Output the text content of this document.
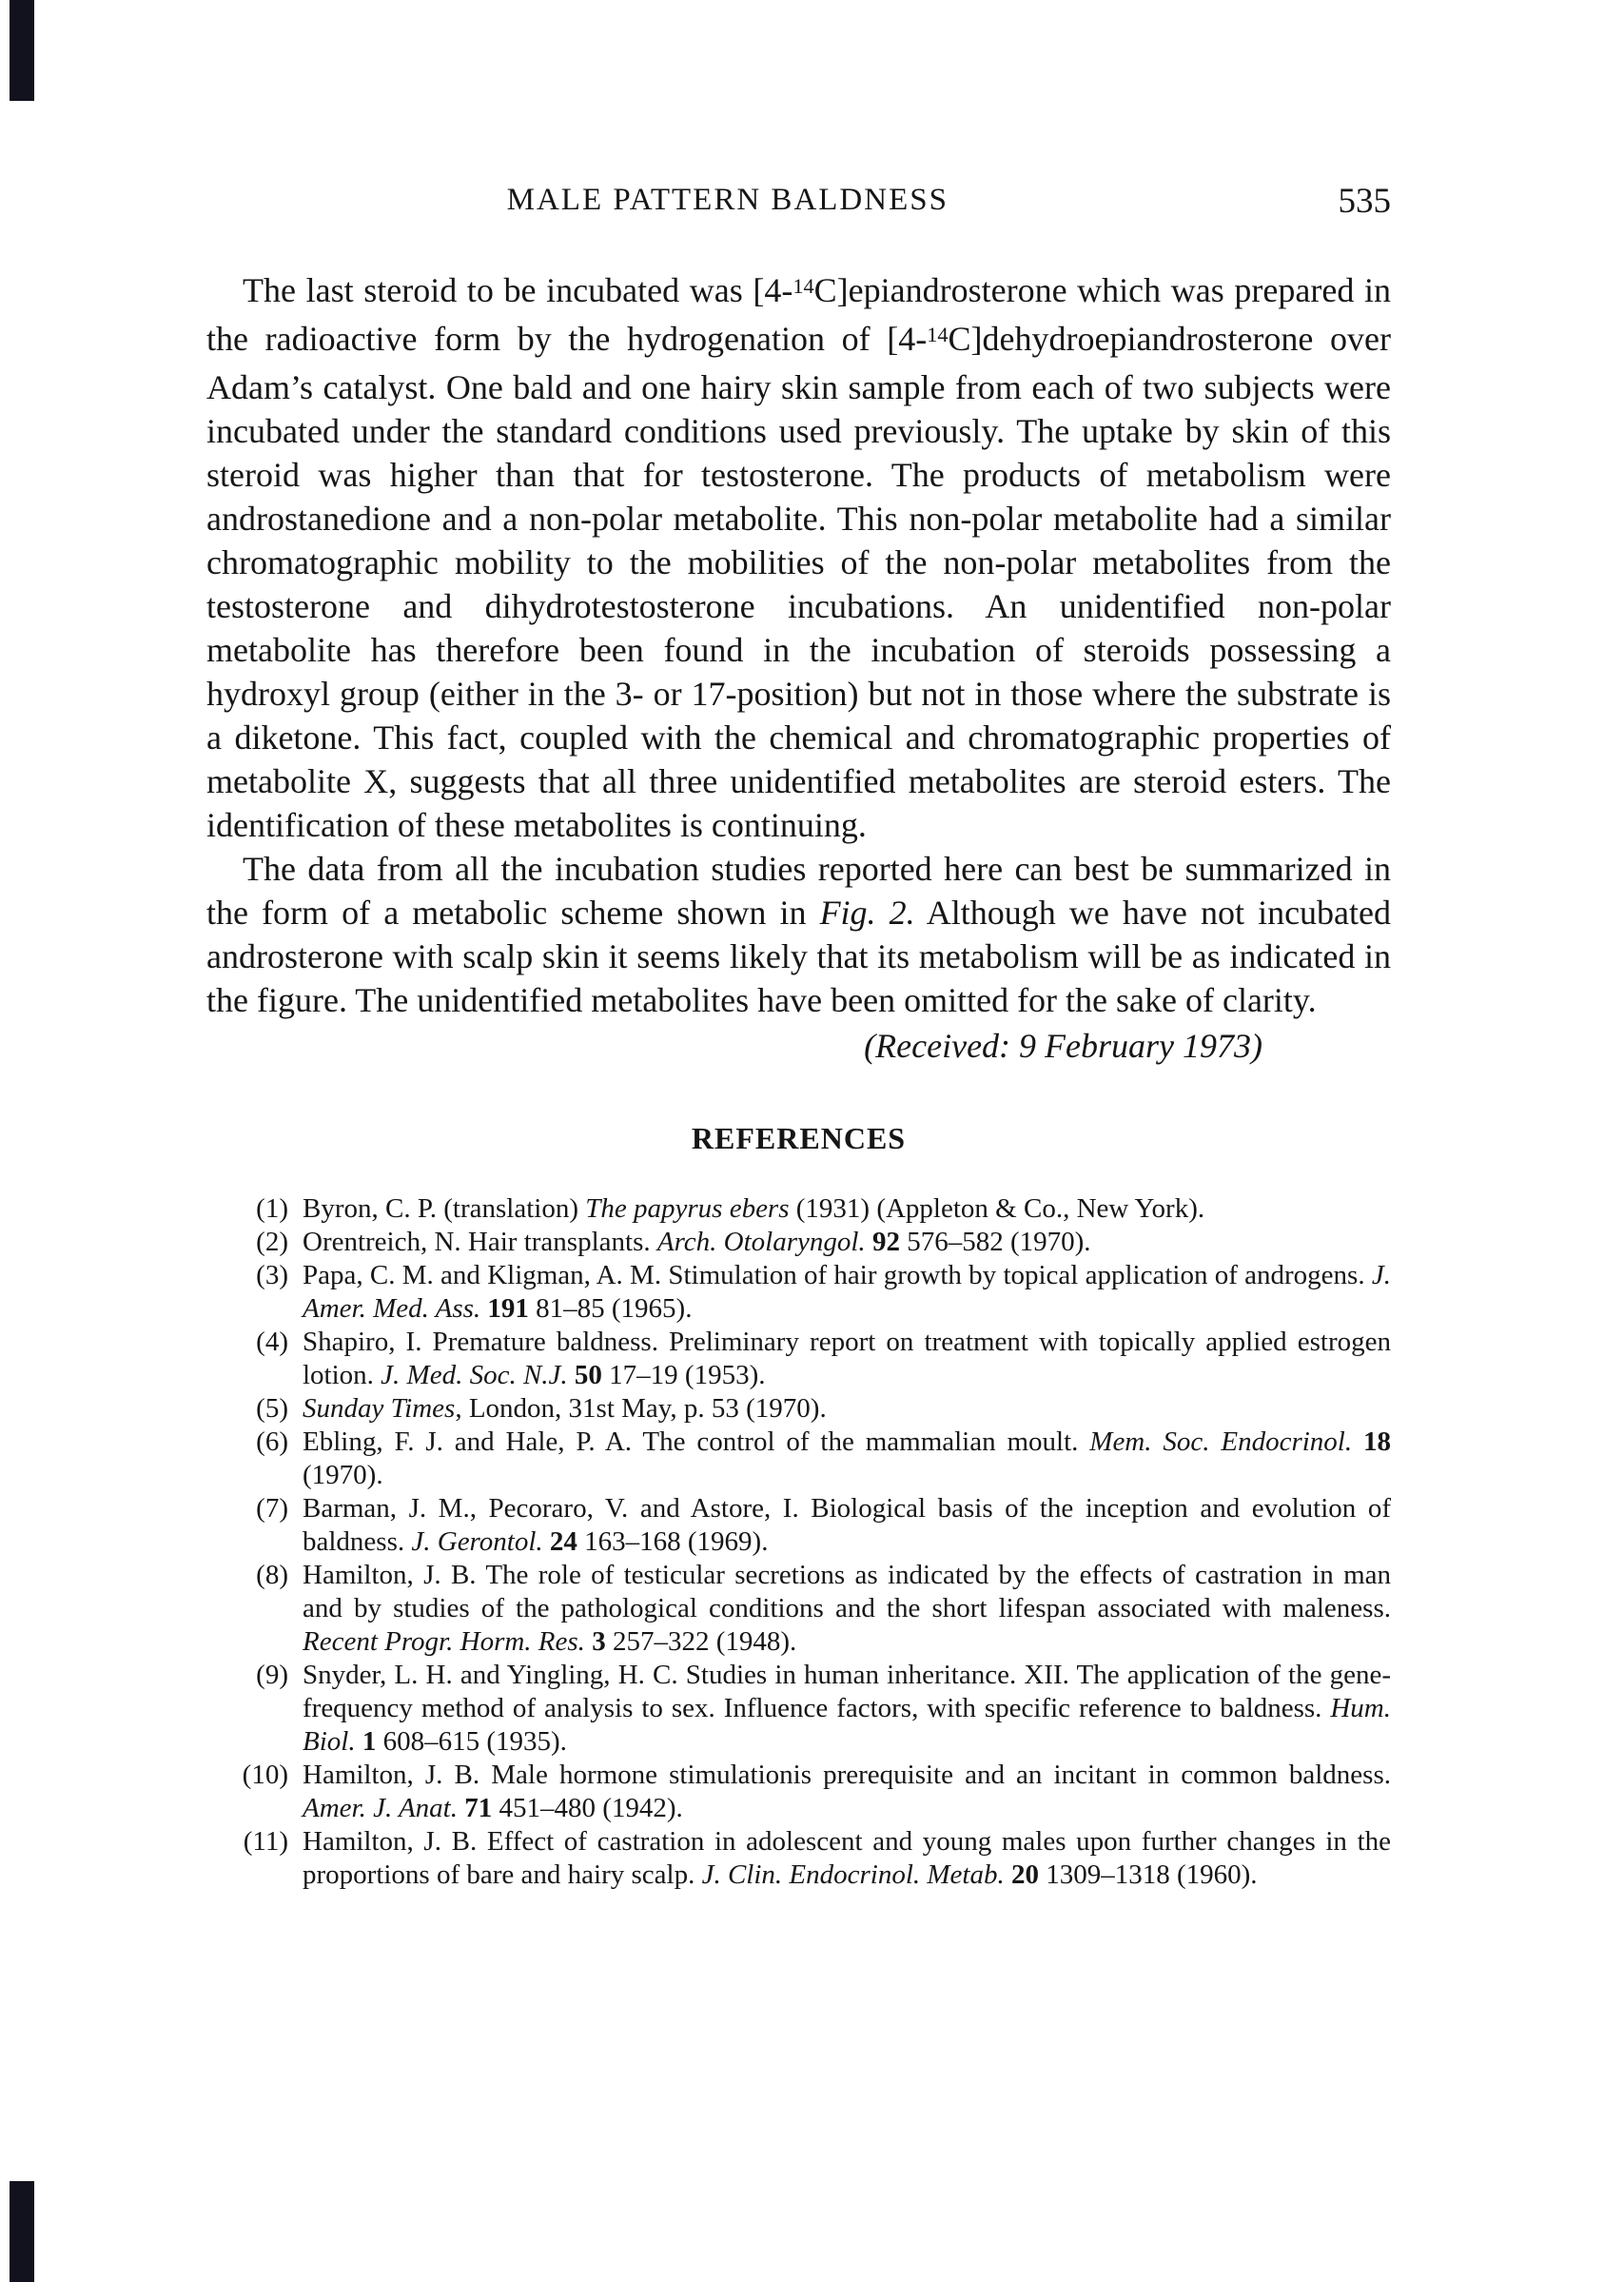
MALE PATTERN BALDNESS	535

The last steroid to be incubated was [4-$^{14}$C]epiandrosterone which was prepared in the radioactive form by the hydrogenation of [4-$^{14}$C]dehydroepiandrosterone over Adam’s catalyst. One bald and one hairy skin sample from each of two subjects were incubated under the standard conditions used previously. The uptake by skin of this steroid was higher than that for testosterone. The products of metabolism were androstanedione and a non-polar metabolite. This non-polar metabolite had a similar chromatographic mobility to the mobilities of the non-polar metabolites from the testosterone and dihydrotestosterone incubations. An unidentified non-polar metabolite has therefore been found in the incubation of steroids possessing a hydroxyl group (either in the 3- or 17-position) but not in those where the substrate is a diketone. This fact, coupled with the chemical and chromatographic properties of metabolite X, suggests that all three unidentified metabolites are steroid esters. The identification of these metabolites is continuing.

The data from all the incubation studies reported here can best be summarized in the form of a metabolic scheme shown in Fig. 2. Although we have not incubated androsterone with scalp skin it seems likely that its metabolism will be as indicated in the figure. The unidentified metabolites have been omitted for the sake of clarity.

(Received: 9 February 1973)

REFERENCES
(1) Byron, C. P. (translation) The papyrus ebers (1931) (Appleton & Co., New York).
(2) Orentreich, N. Hair transplants. Arch. Otolaryngol. 92 576–582 (1970).
(3) Papa, C. M. and Kligman, A. M. Stimulation of hair growth by topical application of androgens. J. Amer. Med. Ass. 191 81–85 (1965).
(4) Shapiro, I. Premature baldness. Preliminary report on treatment with topically applied estrogen lotion. J. Med. Soc. N.J. 50 17–19 (1953).
(5) Sunday Times, London, 31st May, p. 53 (1970).
(6) Ebling, F. J. and Hale, P. A. The control of the mammalian moult. Mem. Soc. Endocrinol. 18 (1970).
(7) Barman, J. M., Pecoraro, V. and Astore, I. Biological basis of the inception and evolution of baldness. J. Gerontol. 24 163–168 (1969).
(8) Hamilton, J. B. The role of testicular secretions as indicated by the effects of castration in man and by studies of the pathological conditions and the short lifespan associated with maleness. Recent Progr. Horm. Res. 3 257–322 (1948).
(9) Snyder, L. H. and Yingling, H. C. Studies in human inheritance. XII. The application of the gene-frequency method of analysis to sex. Influence factors, with specific reference to baldness. Hum. Biol. 1 608–615 (1935).
(10) Hamilton, J. B. Male hormone stimulationis prerequisite and an incitant in common baldness. Amer. J. Anat. 71 451–480 (1942).
(11) Hamilton, J. B. Effect of castration in adolescent and young males upon further changes in the proportions of bare and hairy scalp. J. Clin. Endocrinol. Metab. 20 1309–1318 (1960).
